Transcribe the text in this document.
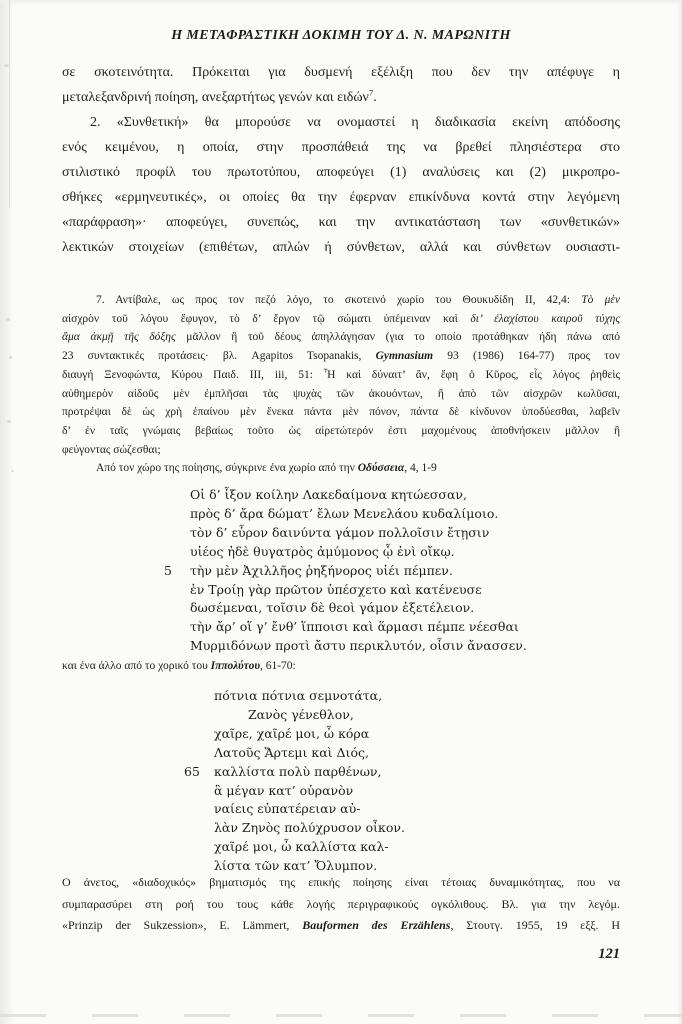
Η ΜΕΤΑΦΡΑΣΤΙΚΗ ΔΟΚΙΜΗ ΤΟΥ Δ. Ν. ΜΑΡΩΝΙΤΗ
σε σκοτεινότητα. Πρόκειται για δυσμενή εξέλιξη που δεν την απέφυγε η
μεταλεξανδρινή ποίηση, ανεξαρτήτως γενών και ειδών$^7$.
2. «Συνθετική» θα μπορούσε να ονομαστεί η διαδικασία εκείνη απόδοσης
ενός κειμένου, η οποία, στην προσπάθειά της να βρεθεί πλησιέστερα στο
στιλιστικό προφίλ του πρωτοτύπου, αποφεύγει (1) αναλύσεις και (2) μικροπρο-
σθήκες «ερμηνευτικές», οι οποίες θα την έφερναν επικίνδυνα κοντά στην λεγόμενη
«παράφραση»· αποφεύγει, συνεπώς, και την αντικατάσταση των «συνθετικών»
λεκτικών στοιχείων (επιθέτων, απλών ή σύνθετων, αλλά και σύνθετων ουσιαστι-
7. Αντίβαλε, ως προς τον πεζό λόγο, το σκοτεινό χωρίο του Θουκυδίδη ΙΙ, 42,4: Τὸ μὲν
αἰσχρὸν τοῦ λόγου ἔφυγον, τὸ δ’ ἔργον τῷ σώματι ὑπέμειναν καὶ δι’ ἐλαχίστου καιροῦ τύχης
ἅμα ἀκμῇ τῆς δόξης μᾶλλον ἢ τοῦ δέους ἀπηλλάγησαν (για το οποίο προτάθηκαν ήδη πάνω από
23 συντακτικές προτάσεις· βλ. Agapitos Tsopanakis, Gymnasium 93 (1986) 164-77) προς τον
διαυγή Ξενοφώντα, Κύρου Παιδ. III, iii, 51: Ἦ καὶ δύναιτ’ ἄν, ἔφη ὁ Κῦρος, εἷς λόγος ῥηθεὶς
αὐθημερὸν αἰδοῦς μὲν ἐμπλῆσαι τὰς ψυχὰς τῶν ἀκουόντων, ἢ ἀπὸ τῶν αἰσχρῶν κωλῦσαι,
προτρέψαι δὲ ὡς χρὴ ἐπαίνου μὲν ἕνεκα πάντα μὲν πόνον, πάντα δὲ κίνδυνον ὑποδύεσθαι, λαβεῖν
δ’ ἐν ταῖς γνώμαις βεβαίως τοῦτο ὡς αἱρετώτερόν ἐστι μαχομένους ἀποθνήσκειν μᾶλλον ἢ
φεύγοντας σώζεσθαι;
Από τον χώρο της ποίησης, σύγκρινε ένα χωρίο από την Οδύσσεια, 4, 1-9
Οἱ δ’ ἷξον κοίλην Λακεδαίμονα κητώεσσαν,
πρὸς δ’ ἄρα δώματ’ ἔλων Μενελάου κυδαλίμοιο.
τὸν δ’ εὗρον δαινύντα γάμον πολλοῖσιν ἔτῃσιν
υἱέος ἠδὲ θυγατρὸς ἀμύμονος ᾧ ἐνὶ οἴκῳ.
5 τὴν μὲν Ἀχιλλῆος ῥηξήνορος υἱέι πέμπεν.
ἐν Τροίῃ γὰρ πρῶτον ὑπέσχετο καὶ κατένευσε
δωσέμεναι, τοῖσιν δὲ θεοὶ γάμον ἐξετέλειον.
τὴν ἄρ’ οἵ γ’ ἔνθ’ ἵπποισι καὶ ἅρμασι πέμπε νέεσθαι
Μυρμιδόνων προτὶ ἄστυ περικλυτόν, οἷσιν ἄνασσεν.
και ένα άλλο από το χορικό του Ιππολύτου, 61-70:
πότνια πότνια σεμνοτάτα,
Ζανὸς γένεθλον,
χαῖρε, χαῖρέ μοι, ὦ κόρα
Λατοῦς Ἄρτεμι καὶ Διός,
65 καλλίστα πολὺ παρθένων,
ἃ μέγαν κατ’ οὐρανὸν
ναίεις εὐπατέρειαν αὐ-
λὰν Ζηνὸς πολύχρυσον οἶκον.
χαῖρέ μοι, ὦ καλλίστα καλ-
λίστα τῶν κατ’ Ὄλυμπον.
Ο άνετος, «διαδοχικός» βηματισμός της επικής ποίησης είναι τέτοιας δυναμικότητας, που να
συμπαρασύρει στη ροή του τους κάθε λογής περιγραφικούς ογκόλιθους. Βλ. για την λεγόμ.
«Prinzip der Sukzession», E. Lämmert, Bauformen des Erzählens, Στουτγ. 1955, 19 εξξ. Η
121
